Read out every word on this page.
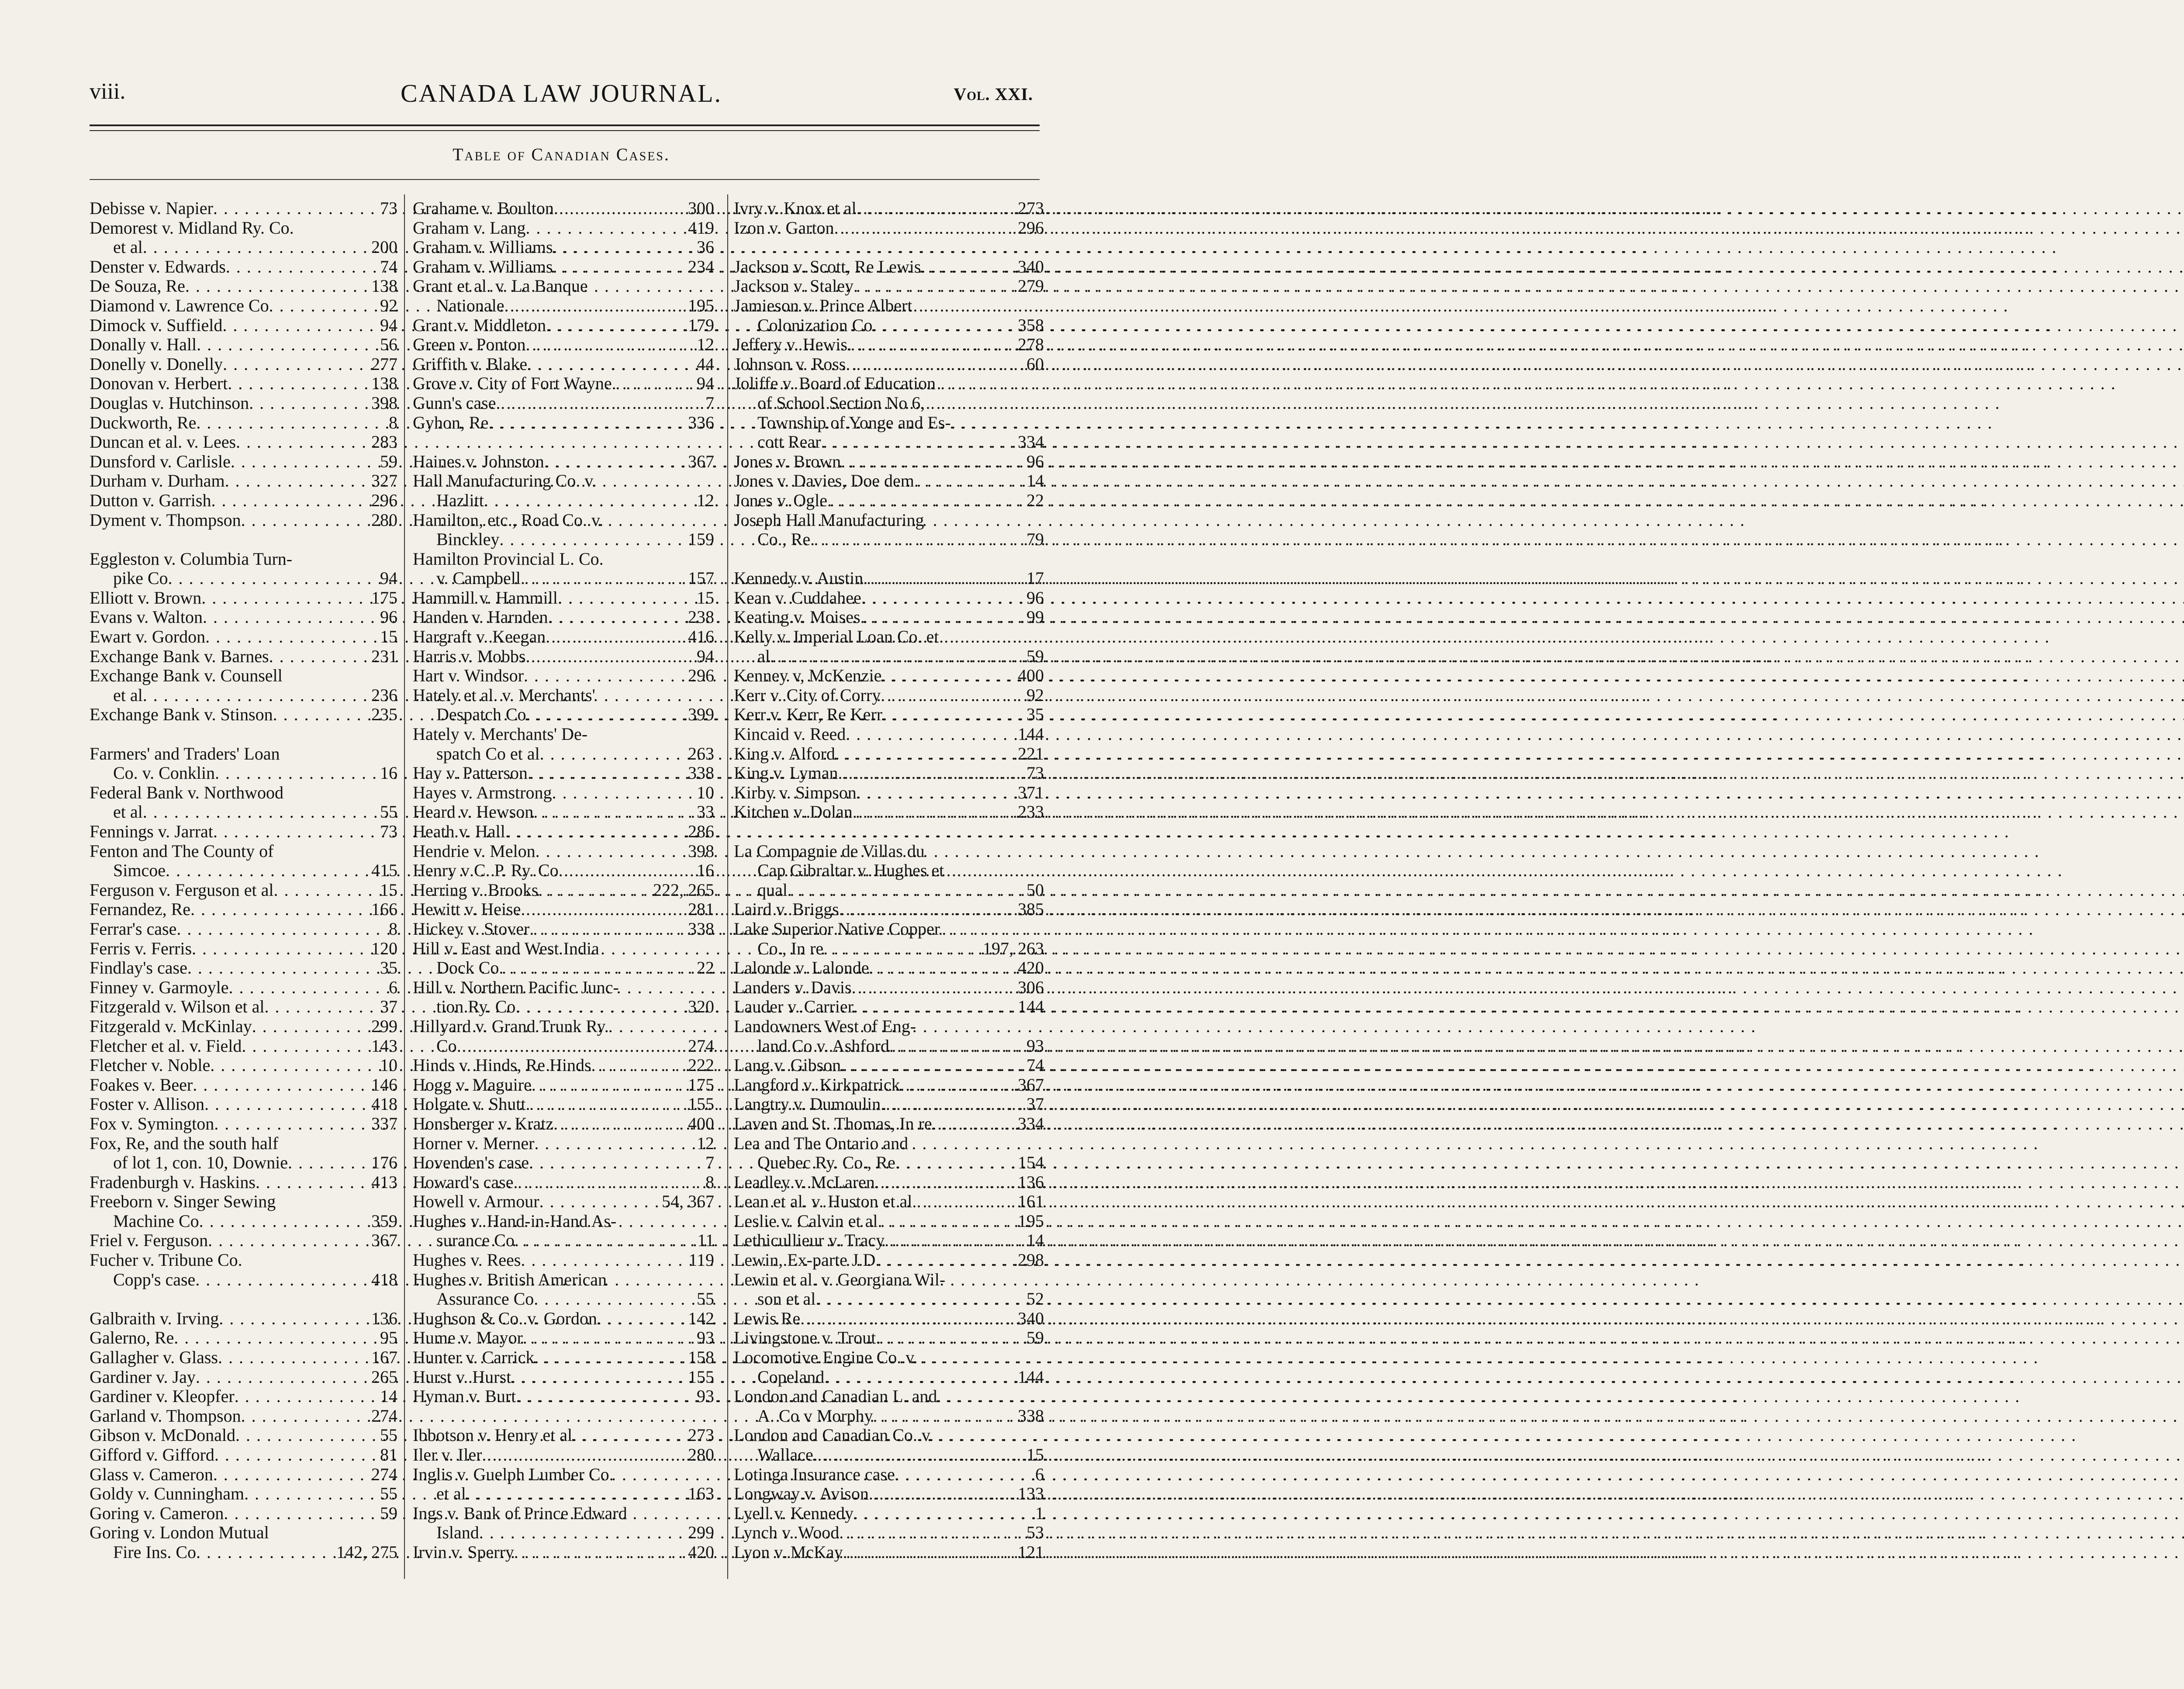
viii.	CANADA LAW JOURNAL.	Vol. XXI.
Table of Canadian Cases.
Debisse v. Napier . . .	73
Demorest v. Midland Ry. Co.
et al . . .	200
Denster v. Edwards . . .	74
De Souza, Re . . .	138
Diamond v. Lawrence Co . . .	92
Dimock v. Suffield . . .	94
Donally v. Hall . . .	56
Donelly v. Donelly . . .	277
Donovan v. Herbert . . .	138
Douglas v. Hutchinson . . .	398
Duckworth, Re . . .	8
Duncan et al. v. Lees . . .	283
Dunsford v. Carlisle . . .	59
Durham v. Durham . . .	327
Dutton v. Garrish . . .	296
Dyment v. Thompson . . .	280
Eggleston v. Columbia Turn-
pike Co . . .	94
Elliott v. Brown . . .	175
Evans v. Walton . . .	96
Ewart v. Gordon . . .	15
Exchange Bank v. Barnes . . .	231
Exchange Bank v. Counsell
et al . . .	236
Exchange Bank v. Stinson . . .	235
Farmers' and Traders' Loan
Co. v. Conklin . . .	16
Federal Bank v. Northwood
et al . . .	55
Fennings v. Jarrat . . .	73
Fenton and The County of
Simcoe . . .	415
Ferguson v. Ferguson et al . . .	15
Fernandez, Re . . .	166
Ferrar's case . . .	8
Ferris v. Ferris . . .	120
Findlay's case . . .	35
Finney v. Garmoyle . . .	6
Fitzgerald v. Wilson et al . . .	37
Fitzgerald v. McKinlay . . .	299
Fletcher et al. v. Field . . .	143
Fletcher v. Noble . . .	10
Foakes v. Beer . . .	146
Foster v. Allison . . .	418
Fox v. Symington . . .	337
Fox, Re, and the south half
of lot 1, con. 10, Downie . . .	176
Fradenburgh v. Haskins . . .	413
Freeborn v. Singer Sewing
Machine Co . . .	359
Friel v. Ferguson . . .	367
Fucher v. Tribune Co.
Copp's case . . .	418
Galbraith v. Irving . . .	136
Galerno, Re . . .	95
Gallagher v. Glass . . .	167
Gardiner v. Jay . . .	265
Gardiner v. Kleopfer . . .	14
Garland v. Thompson . . .	274
Gibson v. McDonald . . .	55
Gifford v. Gifford . . .	81
Glass v. Cameron . . .	274
Goldy v. Cunningham . . .	55
Goring v. Cameron . . .	59
Goring v. London Mutual
Fire Ins. Co . . .	142, 275
Grahame v. Boulton . . .	300
Graham v. Lang . . .	419
Graham v. Williams . . .	36
Graham v. Williams . . .	234
Grant et al. v. La Banque
Nationale . . .	195
Grant v. Middleton . . .	179
Green v. Ponton . . .	12
Griffith v. Blake . . .	44
Grove v. City of Fort Wayne . . .	94
Gunn's case . . .	7
Gyhon, Re . . .	336
Haines v. Johnston . . .	367
Hall Manufacturing Co. v.
Hazlitt . . .	12
Hamilton, etc., Road Co. v.
Binckley . . .	159
Hamilton Provincial L. Co.
v. Campbell . . .	157
Hammill v. Hammill . . .	15
Handen v. Harnden . . .	238
Hargraft v. Keegan . . .	416
Harris v. Mobbs . . .	94
Hart v. Windsor . . .	296
Hately et al. v. Merchants'
Despatch Co . . .	399
Hately v. Merchants' De-
spatch Co et al . . .	263
Hay v. Patterson . . .	338
Hayes v. Armstrong . . .	10
Heard v. Hewson . . .	33
Heath v. Hall . . .	286
Hendrie v. Melon . . .	398
Henry v C. P. Ry. Co . . .	16
Herring v. Brooks . . .	222, 265
Hewitt v. Heise . . .	281
Hickey v. Stover . . .	338
Hill v. East and West India
Dock Co . . .	22
Hill v. Northern Pacific Junc-
tion Ry. Co . . .	320
Hillyard v. Grand Trunk Ry.
Co . . .	274
Hinds v. Hinds, Re Hinds . . .	222
Hogg v. Maguire . . .	175
Holgate v. Shutt . . .	155
Honsberger v. Kratz . . .	400
Horner v. Merner . . .	12
Hovenden's case . . .	7
Howard's case . . .	8
Howell v. Armour . . .	54, 367
Hughes v. Hand-in-Hand As-
surance Co . . .	11
Hughes v. Rees . . .	119
Hughes v. British American
Assurance Co . . .	55
Hughson & Co. v. Gordon . . .	142
Hume v. Mayor . . .	93
Hunter v. Carrick . . .	158
Hurst v. Hurst . . .	155
Hyman v. Burt . . .	93
Ibbotson v. Henry et al . . .	273
Iler v. Iler . . .	280
Inglis v. Guelph Lumber Co.
et al . . .	163
Ings v. Bank of Prince Edward
Island . . .	299
Irvin v. Sperry . . .	420
Ivry v. Knox et al . . .	273
Izon v. Garton . . .	296
Jackson v. Scott, Re Lewis . . .	340
Jackson v. Staley . . .	279
Jamieson v. Prince Albert
Colonization Co . . .	358
Jeffery v. Hewis . . .	278
Johnson v. Ross . . .	60
Joliffe v. Board of Education
of School Section No 6,
Township of Yonge and Es-
cott Rear . . .	334
Jones v. Brown . . .	96
Jones v. Davies, Doe dem . . .	14
Jones v. Ogle . . .	22
Joseph Hall Manufacturing
Co., Re . . .	79
Kennedy v. Austin . . .	17
Kean v. Cuddahee . . .	96
Keating v. Moises . . .	99
Kelly v. Imperial Loan Co. et
al . . .	59
Kenney v, McKenzie . . .	400
Kerr v. City of Corry . . .	92
Kerr v. Kerr, Re Kerr . . .	35
Kincaid v. Reed . . .	144
King v. Alford . . .	221
King v. Lyman . . .	73
Kirby v. Simpson . . .	371
Kitchen v. Dolan . . .	233
La Compagnie de Villas du
Cap Gibraltar v. Hughes et
qual . . .	50
Laird v. Briggs . . .	385
Lake Superior Native Copper
Co., In re . . .	197, 263
Lalonde v. Lalonde . . .	420
Landers v. Davis . . .	306
Lauder v. Carrier . . .	144
Landowners West of Eng-
land Co v. Ashford . . .	93
Lang v. Gibson . . .	74
Langford v. Kirkpatrick . . .	367
Langtry v. Dumoulin . . .	37
Laven and St. Thomas, In re . . .	334
Lea and The Ontario and
Quebec Ry. Co., Re . . .	154
Leadley v. McLaren . . .	136
Lean et al. v. Huston et al . . .	161
Leslie v. Calvin et al . . .	195
Lethicullieur v. Tracy . . .	14
Lewin, Ex-parte J.D . . .	298
Lewin et al. v. Georgiana Wil-
son et al . . .	52
Lewis Re . . .	340
Livingstone v. Trout . . .	59
Locomotive Engine Co. v.
Copeland . . .	144
London and Canadian L. and
A. Co v Morphy . . .	338
London and Canadian Co. v.
Wallace . . .	15
Lotinga Insurance case . . .	6
Longway v. Avison . . .	133
Lyell v. Kennedy . . .	1
Lynch v. Wood . . .	53
Lyon v. McKay . . .	121
